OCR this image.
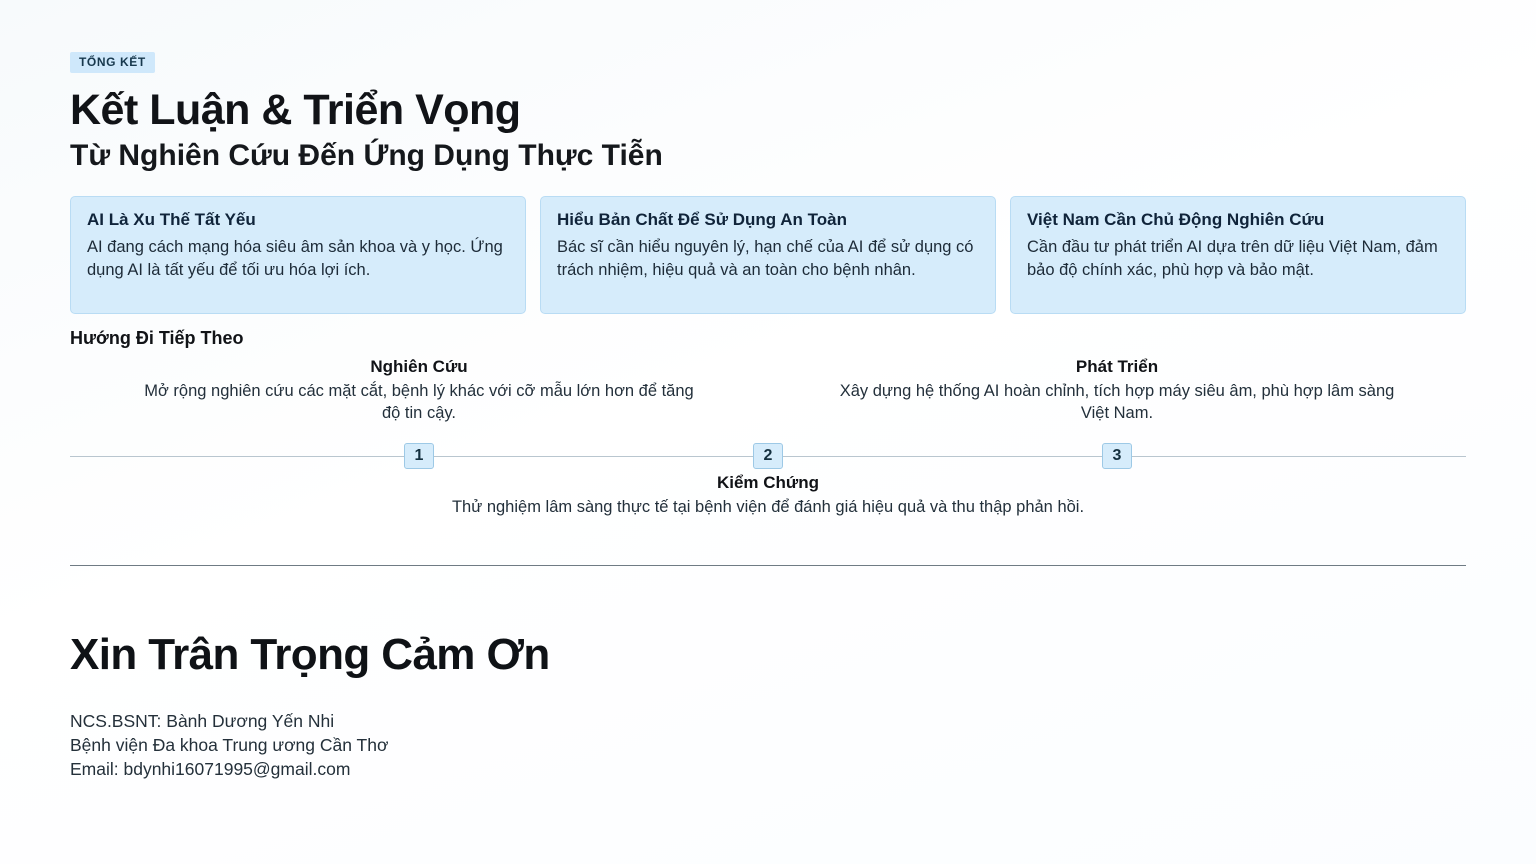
TỔNG KẾT
Kết Luận & Triển Vọng
Từ Nghiên Cứu Đến Ứng Dụng Thực Tiễn
AI Là Xu Thế Tất Yếu
AI đang cách mạng hóa siêu âm sản khoa và y học. Ứng dụng AI là tất yếu để tối ưu hóa lợi ích.
Hiểu Bản Chất Để Sử Dụng An Toàn
Bác sĩ cần hiểu nguyên lý, hạn chế của AI để sử dụng có trách nhiệm, hiệu quả và an toàn cho bệnh nhân.
Việt Nam Cần Chủ Động Nghiên Cứu
Cần đầu tư phát triển AI dựa trên dữ liệu Việt Nam, đảm bảo độ chính xác, phù hợp và bảo mật.
Hướng Đi Tiếp Theo
1	2	3
Nghiên Cứu
Mở rộng nghiên cứu các mặt cắt, bệnh lý khác với cỡ mẫu lớn hơn để tăng độ tin cậy.
Phát Triển
Xây dựng hệ thống AI hoàn chỉnh, tích hợp máy siêu âm, phù hợp lâm sàng Việt Nam.
Kiểm Chứng
Thử nghiệm lâm sàng thực tế tại bệnh viện để đánh giá hiệu quả và thu thập phản hồi.
Xin Trân Trọng Cảm Ơn
NCS.BSNT: Bành Dương Yến Nhi
Bệnh viện Đa khoa Trung ương Cần Thơ
Email: bdynhi16071995@gmail.com
